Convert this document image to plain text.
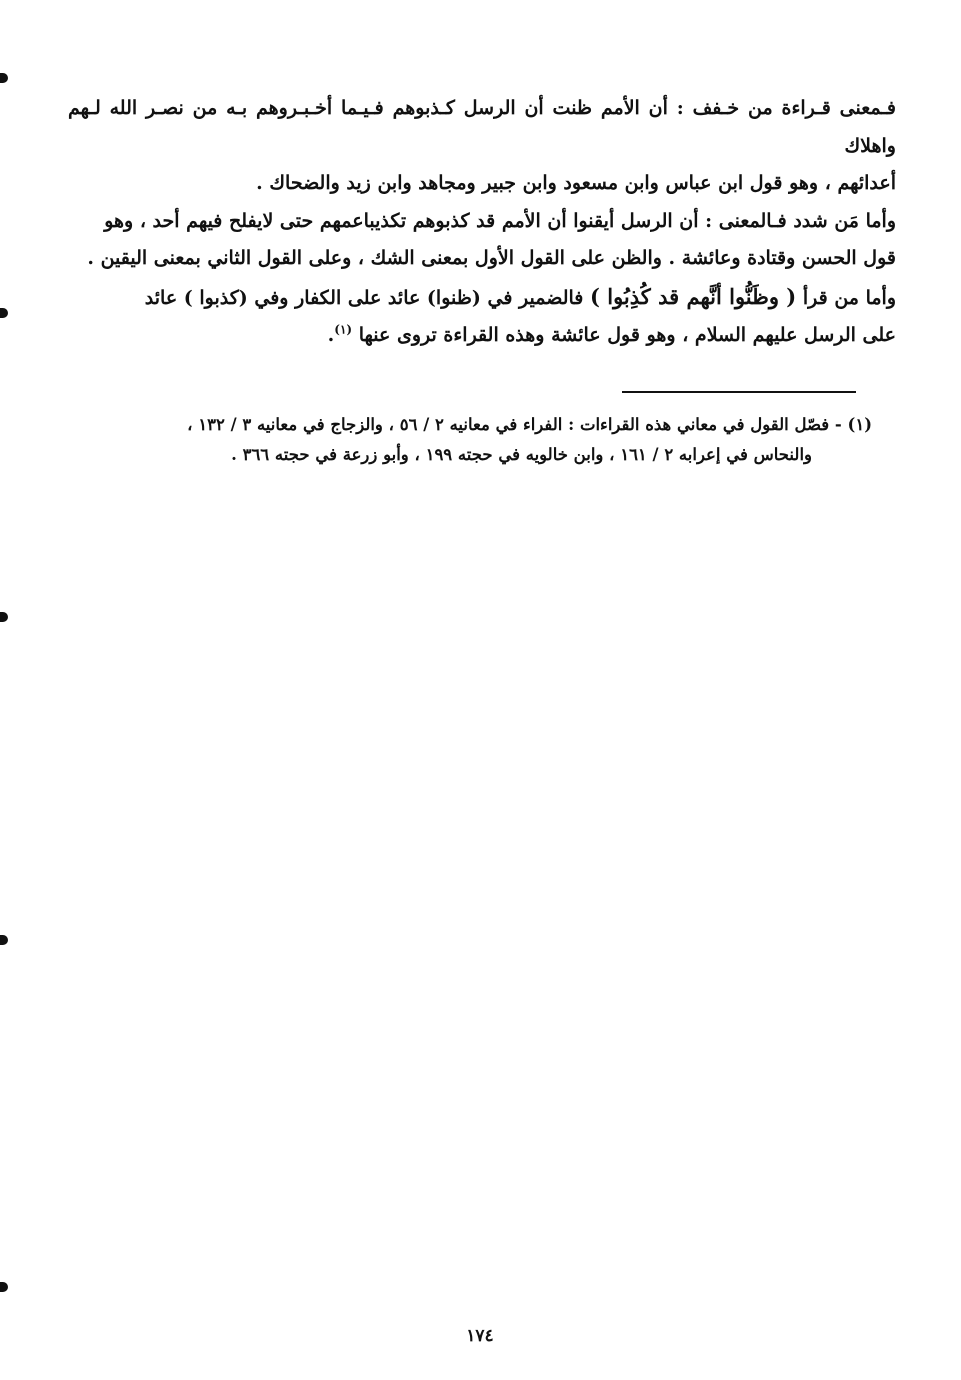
فـمعنى قـراءة من خـفف : أن الأمم ظنت أن الرسل كـذبوهم فـيـما أخـبـروهم بـه من نصـر الله لـهم واهلاك
أعدائهم ، وهو قول ابن عباس وابن مسعود وابن جبير ومجاهد وابن زيد والضحاك .

وأما مَن شدد فـالمعنى : أن الرسل أيقنوا أن الأمم قد كذبوهم تكذيباعمهم حتى لايفلح فيهم أحد ، وهو
قول الحسن وقتادة وعائشة . والظن على القول الأول بمعنى الشك ، وعلى القول الثاني بمعنى اليقين .

وأما من قرأ ( وظَنُّوا أنَّهم قد كُذِبُوا ) فالضمير في (ظنوا) عائد على الكفار وفي (كذبوا ) عائد
على الرسل عليهم السلام ، وهو قول عائشة وهذه القراءة تروى عنها $^{(١)}$.

(١) - فصّل القول في معاني هذه القراءات : الفراء في معانيه ٢ / ٥٦ ، والزجاج في معانيه ٣ / ١٣٢ ،

والنحاس في إعرابه ٢ / ١٦١ ، وابن خالويه في حجته ١٩٩ ، وأبو زرعة في حجته ٣٦٦ .

١٧٤
